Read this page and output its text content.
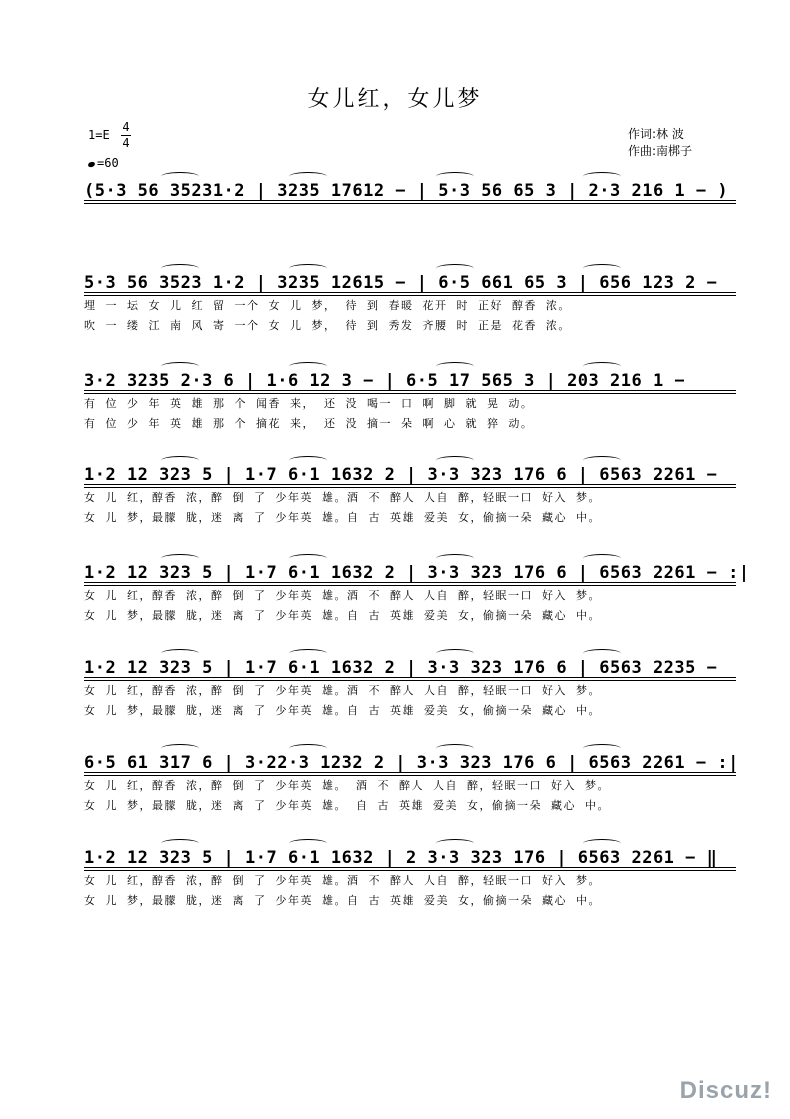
女儿红，女儿梦
1=E
4
4
=60
作词:林 波
作曲:南梆子
(5·3 56 35231·2 | 3235 17612 − | 5·3 56 65 3 | 2·3 216 1 − )
5·3 56 3523 1·2 | 3235 12615 − | 6·5 661 65 3 | 656 123 2 −
埋 一 坛 女 儿 红 留 一个 女 儿 梦， 待 到 春暖 花开 时 正好 醇香 浓。
吹 一 缕 江 南 风 寄 一个 女 儿 梦， 待 到 秀发 齐腰 时 正是 花香 浓。
3·2 3235 2·3 6 | 1·6 12 3 − | 6·5 17 565 3 | 203 216 1 −
有 位 少 年 英 雄 那 个 闻香 来， 还 没 喝一 口 啊 脚 就 晃 动。
有 位 少 年 英 雄 那 个 摘花 来， 还 没 摘一 朵 啊 心 就 猝 动。
1·2 12 323 5 | 1·7 6·1 1632 2 | 3·3 323 176 6 | 6563 2261 −
女 儿 红，醇香 浓，醉 倒 了 少年英 雄。酒 不 醉人 人自 醉，轻眠一口 好入 梦。
女 儿 梦，最朦 胧，迷 离 了 少年英 雄。自 古 英雄 爱美 女，偷摘一朵 藏心 中。
1·2 12 323 5 | 1·7 6·1 1632 2 | 3·3 323 176 6 | 6563 2261 − :|
女 儿 红，醇香 浓，醉 倒 了 少年英 雄。酒 不 醉人 人自 醉，轻眠一口 好入 梦。
女 儿 梦，最朦 胧，迷 离 了 少年英 雄。自 古 英雄 爱美 女，偷摘一朵 藏心 中。
1·2 12 323 5 | 1·7 6·1 1632 2 | 3·3 323 176 6 | 6563 2235 −
女 儿 红，醇香 浓，醉 倒 了 少年英 雄。酒 不 醉人 人自 醉，轻眠一口 好入 梦。
女 儿 梦，最朦 胧，迷 离 了 少年英 雄。自 古 英雄 爱美 女，偷摘一朵 藏心 中。
6·5 61 317 6 | 3·22·3 1232 2 | 3·3 323 176 6 | 6563 2261 − :|
女 儿 红，醇香 浓，醉 倒 了 少年英 雄。 酒 不 醉人 人自 醉，轻眠一口 好入 梦。
女 儿 梦，最朦 胧，迷 离 了 少年英 雄。 自 古 英雄 爱美 女，偷摘一朵 藏心 中。
1·2 12 323 5 | 1·7 6·1 1632 | 2 3·3 323 176 | 6563 2261 − ‖
女 儿 红，醇香 浓，醉 倒 了 少年英 雄。酒 不 醉人 人自 醉，轻眠一口 好入 梦。
女 儿 梦，最朦 胧，迷 离 了 少年英 雄。自 古 英雄 爱美 女，偷摘一朵 藏心 中。
Discuz!
